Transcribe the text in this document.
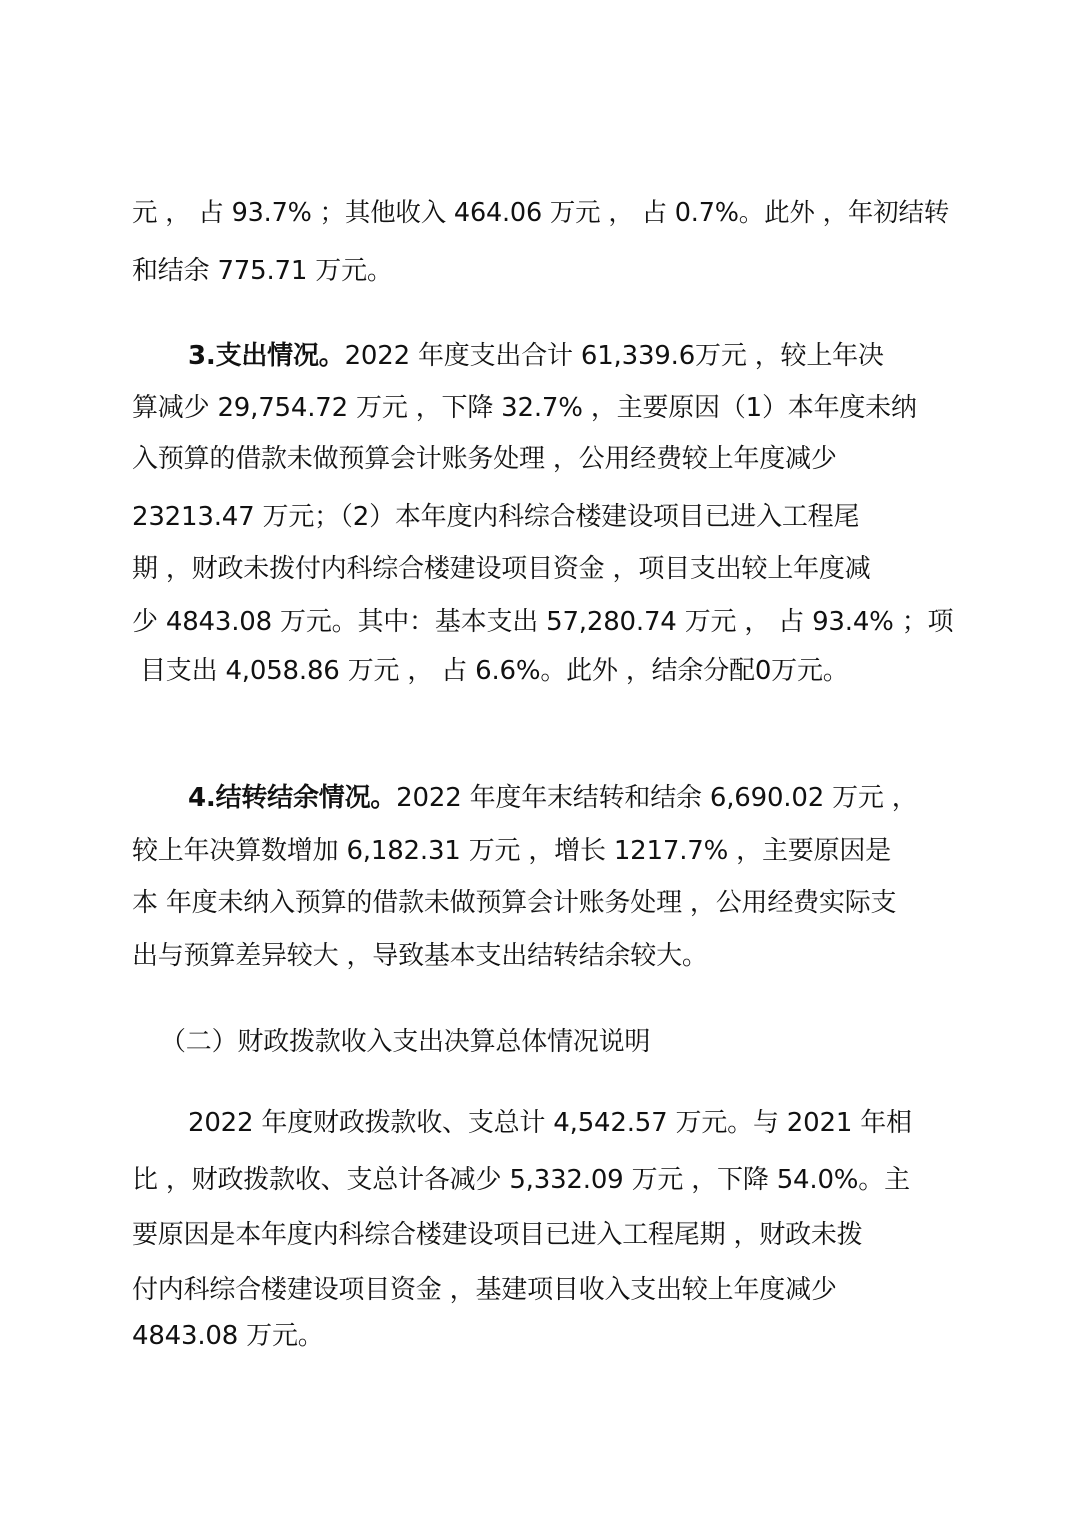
元 ， 占 93.7% ；其他收入 464.06 万元 ， 占 0.7%。此外 ，年初结转
和结余 775.71 万元。
3.支出情况。2022 年度支出合计 61,339.6万元 ，较上年决
算减少 29,754.72 万元 ，下降 32.7% ，主要原因（1）本年度未纳
入预算的借款未做预算会计账务处理 ，公用经费较上年度减少
23213.47 万元；（2）本年度内科综合楼建设项目已进入工程尾
期 ，财政未拨付内科综合楼建设项目资金 ，项目支出较上年度减
少 4843.08 万元。其中：基本支出 57,280.74 万元 ， 占 93.4% ；项
目支出 4,058.86 万元 ， 占 6.6%。此外 ，结余分配0万元。
4.结转结余情况。2022 年度年末结转和结余 6,690.02 万元 ，
较上年决算数增加 6,182.31 万元 ，增长 1217.7% ，主要原因是
本 年度未纳入预算的借款未做预算会计账务处理 ，公用经费实际支
出与预算差异较大 ，导致基本支出结转结余较大。
（二）财政拨款收入支出决算总体情况说明
2022 年度财政拨款收、支总计 4,542.57 万元。与 2021 年相
比 ，财政拨款收、支总计各减少 5,332.09 万元 ，下降 54.0%。主
要原因是本年度内科综合楼建设项目已进入工程尾期 ，财政未拨
付内科综合楼建设项目资金 ，基建项目收入支出较上年度减少
4843.08 万元。
